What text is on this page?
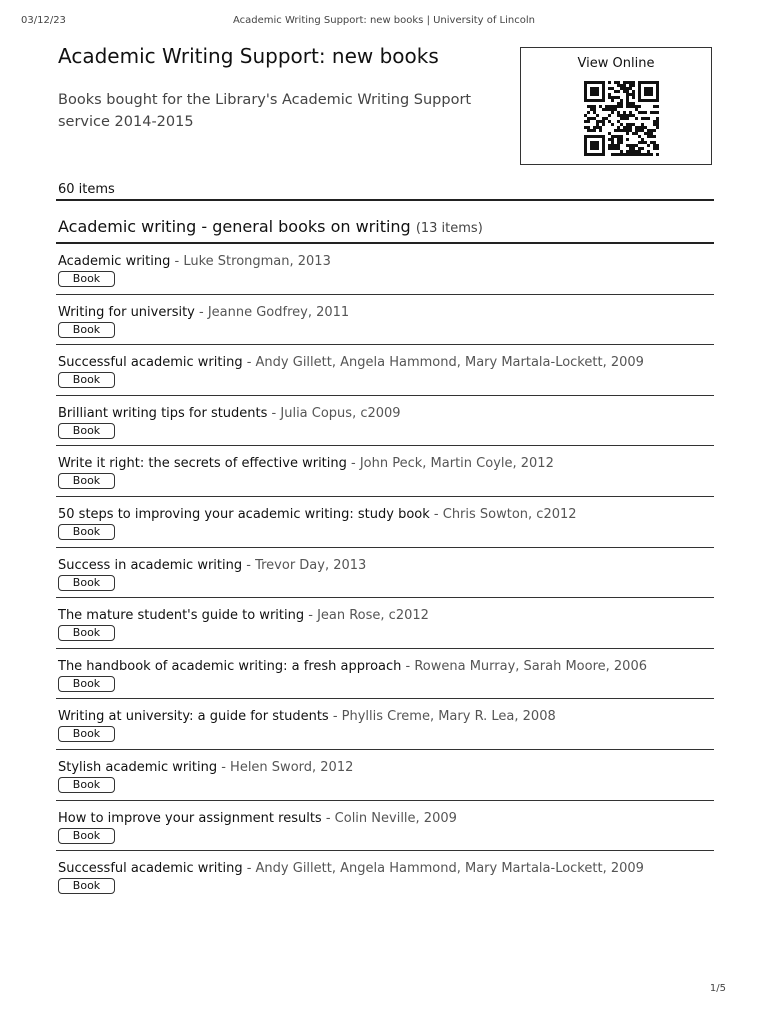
03/12/23	Academic Writing Support: new books | University of Lincoln
Academic Writing Support: new books

Books bought for the Library's Academic Writing Support service 2014-2015

View Online
60 items
Academic writing - general books on writing (13 items)
Academic writing - Luke Strongman, 2013
Book
Writing for university - Jeanne Godfrey, 2011
Book
Successful academic writing - Andy Gillett, Angela Hammond, Mary Martala-Lockett, 2009
Book
Brilliant writing tips for students - Julia Copus, c2009
Book
Write it right: the secrets of effective writing - John Peck, Martin Coyle, 2012
Book
50 steps to improving your academic writing: study book - Chris Sowton, c2012
Book
Success in academic writing - Trevor Day, 2013
Book
The mature student's guide to writing - Jean Rose, c2012
Book
The handbook of academic writing: a fresh approach - Rowena Murray, Sarah Moore, 2006
Book
Writing at university: a guide for students - Phyllis Creme, Mary R. Lea, 2008
Book
Stylish academic writing - Helen Sword, 2012
Book
How to improve your assignment results - Colin Neville, 2009
Book
Successful academic writing - Andy Gillett, Angela Hammond, Mary Martala-Lockett, 2009
Book
1/5
